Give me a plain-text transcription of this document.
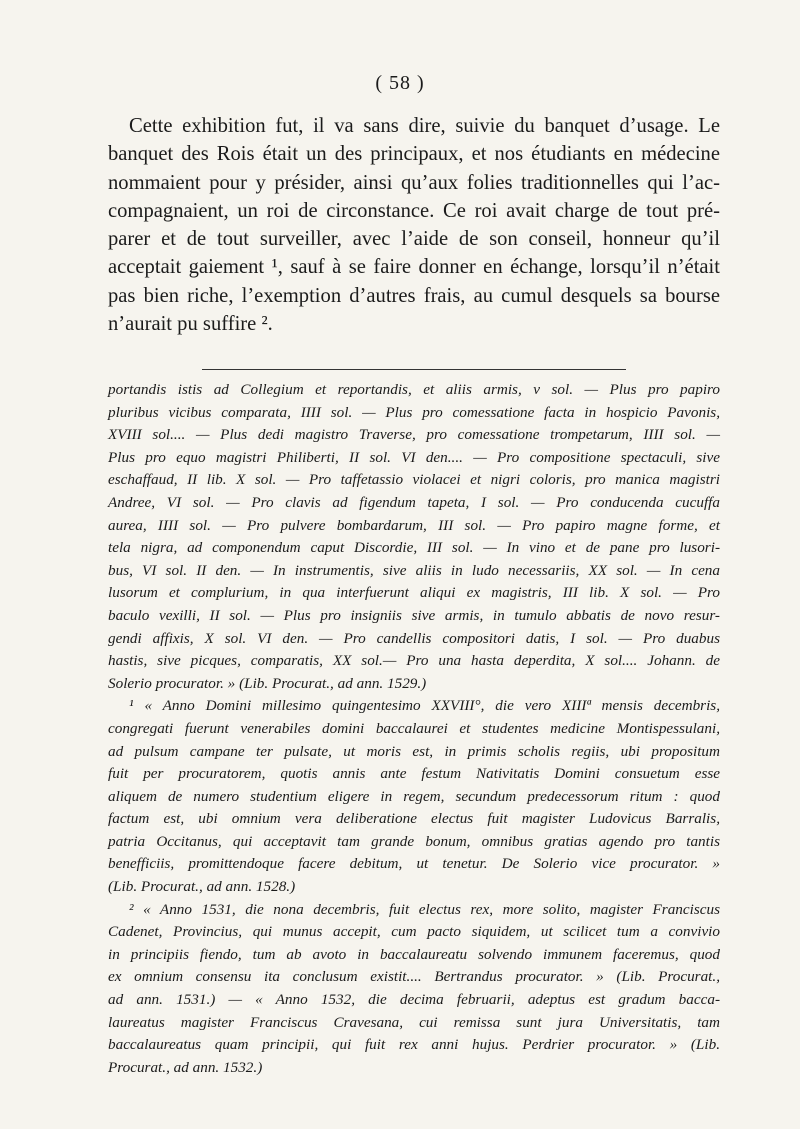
( 58 )
Cette exhibition fut, il va sans dire, suivie du banquet d’usage. Le
banquet des Rois était un des principaux, et nos étudiants en médecine
nommaient pour y présider, ainsi qu’aux folies traditionnelles qui l’ac-
compagnaient, un roi de circonstance. Ce roi avait charge de tout pré-
parer et de tout surveiller, avec l’aide de son conseil, honneur qu’il
acceptait gaiement ¹, sauf à se faire donner en échange, lorsqu’il n’était
pas bien riche, l’exemption d’autres frais, au cumul desquels sa bourse
n’aurait pu suffire ².
portandis istis ad Collegium et reportandis, et aliis armis, v sol. — Plus pro papiro
pluribus vicibus comparata, IIII sol. — Plus pro comessatione facta in hospicio Pavonis,
XVIII sol.... — Plus dedi magistro Traverse, pro comessatione trompetarum, IIII sol. —
Plus pro equo magistri Philiberti, II sol. VI den.... — Pro compositione spectaculi, sive
eschaffaud, II lib. X sol. — Pro taffetassio violacei et nigri coloris, pro manica magistri
Andree, VI sol. — Pro clavis ad figendum tapeta, I sol. — Pro conducenda cucuffa
aurea, IIII sol. — Pro pulvere bombardarum, III sol. — Pro papiro magne forme, et
tela nigra, ad componendum caput Discordie, III sol. — In vino et de pane pro lusori-
bus, VI sol. II den. — In instrumentis, sive aliis in ludo necessariis, XX sol. — In cena
lusorum et complurium, in qua interfuerunt aliqui ex magistris, III lib. X sol. — Pro
baculo vexilli, II sol. — Plus pro insigniis sive armis, in tumulo abbatis de novo resur-
gendi affixis, X sol. VI den. — Pro candellis compositori datis, I sol. — Pro duabus
hastis, sive picques, comparatis, XX sol.— Pro una hasta deperdita, X sol.... Johann. de
Solerio procurator. » (Lib. Procurat., ad ann. 1529.)
¹ « Anno Domini millesimo quingentesimo XXVIII°, die vero XIIIª mensis decembris,
congregati fuerunt venerabiles domini baccalaurei et studentes medicine Montispessulani,
ad pulsum campane ter pulsate, ut moris est, in primis scholis regiis, ubi propositum
fuit per procuratorem, quotis annis ante festum Nativitatis Domini consuetum esse
aliquem de numero studentium eligere in regem, secundum predecessorum ritum : quod
factum est, ubi omnium vera deliberatione electus fuit magister Ludovicus Barralis,
patria Occitanus, qui acceptavit tam grande bonum, omnibus gratias agendo pro tantis
benefficiis, promittendoque facere debitum, ut tenetur. De Solerio vice procurator. »
(Lib. Procurat., ad ann. 1528.)
² « Anno 1531, die nona decembris, fuit electus rex, more solito, magister Franciscus
Cadenet, Provincius, qui munus accepit, cum pacto siquidem, ut scilicet tum a convivio
in principiis fiendo, tum ab avoto in baccalaureatu solvendo immunem faceremus, quod
ex omnium consensu ita conclusum existit.... Bertrandus procurator. » (Lib. Procurat.,
ad ann. 1531.) — « Anno 1532, die decima februarii, adeptus est gradum bacca-
laureatus magister Franciscus Cravesana, cui remissa sunt jura Universitatis, tam
baccalaureatus quam principii, qui fuit rex anni hujus. Perdrier procurator. » (Lib.
Procurat., ad ann. 1532.)
